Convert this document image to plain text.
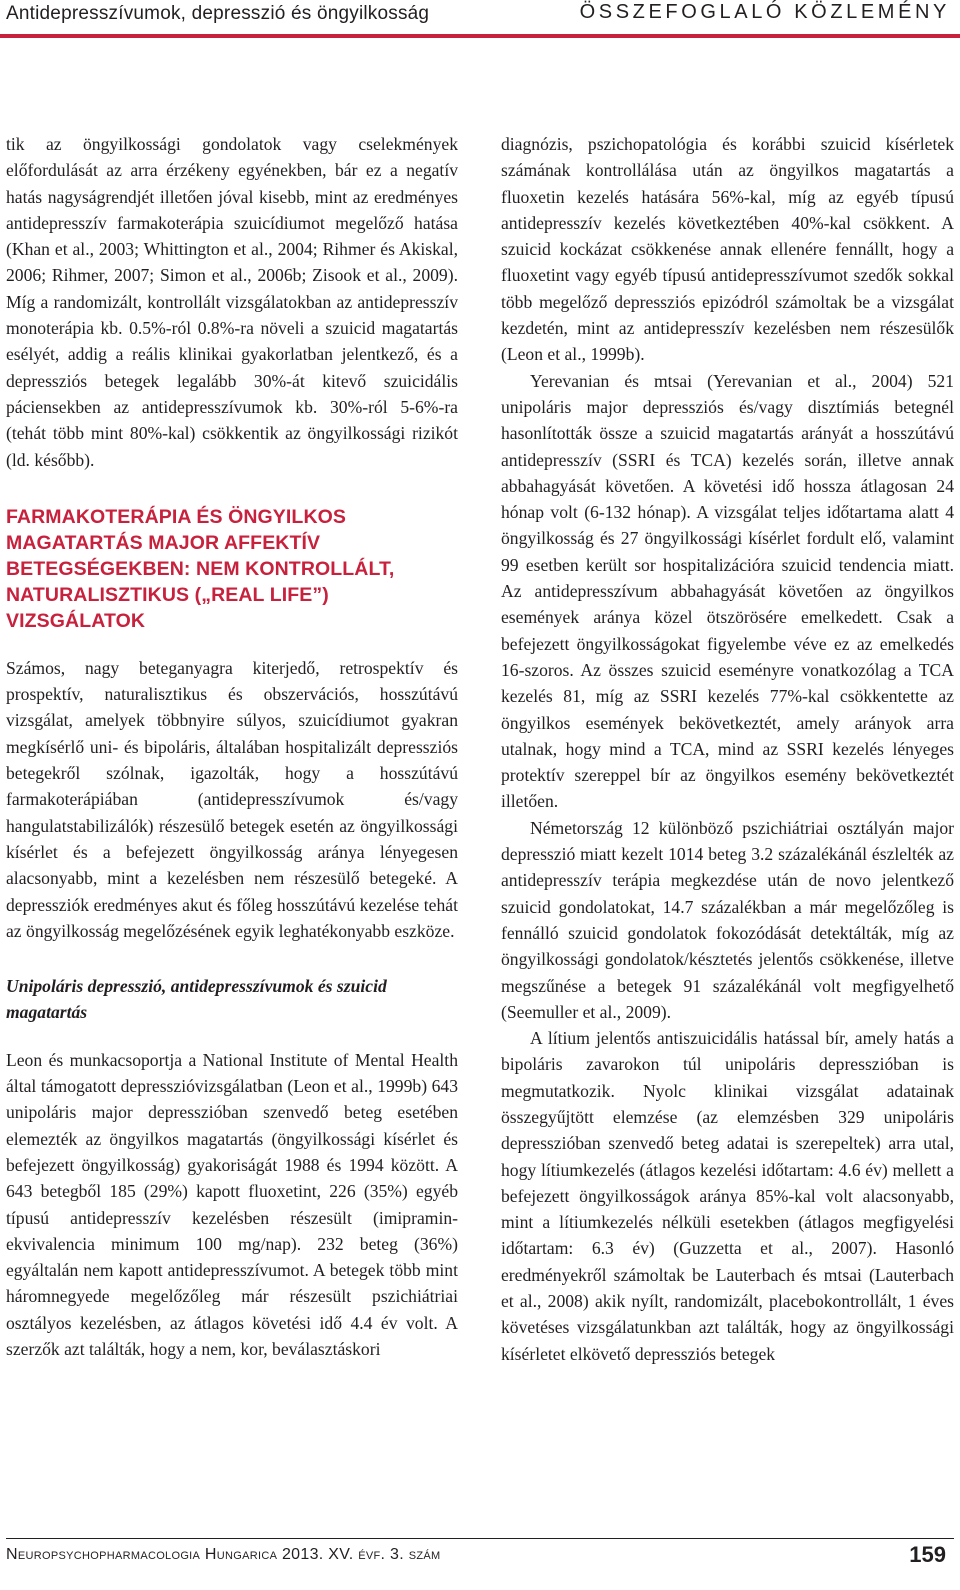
Antidepresszívumok, depresszió és öngyilkosság	ÖSSZEFOGLALÓ KÖZLEMÉNY

tik az öngyilkossági gondolatok vagy cselekmények előfordulását az arra érzékeny egyénekben, bár ez a negatív hatás nagyságrendjét illetően jóval kisebb, mint az eredményes antidepresszív farmakoterápia szuicídiumot megelőző hatása (Khan et al., 2003; Whittington et al., 2004; Rihmer és Akiskal, 2006; Rihmer, 2007; Simon et al., 2006b; Zisook et al., 2009). Míg a randomizált, kontrollált vizsgálatokban az antidepresszív monoterápia kb. 0.5%-ról 0.8%-ra növeli a szuicid magatartás esélyét, addig a reális klinikai gyakorlatban jelentkező, és a depressziós betegek legalább 30%-át kitevő szuicidális páciensekben az antidepresszívumok kb. 30%-ról 5-6%-ra (tehát több mint 80%-kal) csökkentik az öngyilkossági rizikót (ld. később).

FARMAKOTERÁPIA ÉS ÖNGYILKOS MAGATARTÁS MAJOR AFFEKTÍV BETEGSÉGEKBEN: NEM KONTROLLÁLT, NATURALISZTIKUS („REAL LIFE”) VIZSGÁLATOK

Számos, nagy beteganyagra kiterjedő, retrospektív és prospektív, naturalisztikus és obszervációs, hosszútávú vizsgálat, amelyek többnyire súlyos, szuicídiumot gyakran megkísérlő uni- és bipoláris, általában hospitalizált depressziós betegekről szólnak, igazolták, hogy a hosszútávú farmakoterápiában (antidepresszívumok és/vagy hangulatstabilizálók) részesülő betegek esetén az öngyilkossági kísérlet és a befejezett öngyilkosság aránya lényegesen alacsonyabb, mint a kezelésben nem részesülő betegeké. A depressziók eredményes akut és főleg hosszútávú kezelése tehát az öngyilkosság megelőzésének egyik leghatékonyabb eszköze.

Unipoláris depresszió, antidepresszívumok és szuicid magatartás

Leon és munkacsoportja a National Institute of Mental Health által támogatott depresszióvizsgálatban (Leon et al., 1999b) 643 unipoláris major depresszióban szenvedő beteg esetében elemezték az öngyilkos magatartás (öngyilkossági kísérlet és befejezett öngyilkosság) gyakoriságát 1988 és 1994 között. A 643 betegből 185 (29%) kapott fluoxetint, 226 (35%) egyéb típusú antidepresszív kezelésben részesült (imipramin-ekvivalencia minimum 100 mg/nap). 232 beteg (36%) egyáltalán nem kapott antidepresszívumot. A betegek több mint háromnegyede megelőzőleg már részesült pszichiátriai osztályos kezelésben, az átlagos követési idő 4.4 év volt. A szerzők azt találták, hogy a nem, kor, beválasztáskori

diagnózis, pszichopatológia és korábbi szuicid kísérletek számának kontrollálása után az öngyilkos magatartás a fluoxetin kezelés hatására 56%-kal, míg az egyéb típusú antidepresszív kezelés következtében 40%-kal csökkent. A szuicid kockázat csökkenése annak ellenére fennállt, hogy a fluoxetint vagy egyéb típusú antidepresszívumot szedők sokkal több megelőző depressziós epizódról számoltak be a vizsgálat kezdetén, mint az antidepresszív kezelésben nem részesülők (Leon et al., 1999b).

Yerevanian és mtsai (Yerevanian et al., 2004) 521 unipoláris major depressziós és/vagy disztímiás betegnél hasonlították össze a szuicid magatartás arányát a hosszútávú antidepresszív (SSRI és TCA) kezelés során, illetve annak abbahagyását követően. A követési idő hossza átlagosan 24 hónap volt (6-132 hónap). A vizsgálat teljes időtartama alatt 4 öngyilkosság és 27 öngyilkossági kísérlet fordult elő, valamint 99 esetben került sor hospitalizációra szuicid tendencia miatt. Az antidepresszívum abbahagyását követően az öngyilkos események aránya közel ötszörösére emelkedett. Csak a befejezett öngyilkosságokat figyelembe véve ez az emelkedés 16-szoros. Az összes szuicid eseményre vonatkozólag a TCA kezelés 81, míg az SSRI kezelés 77%-kal csökkentette az öngyilkos események bekövetkeztét, amely arányok arra utalnak, hogy mind a TCA, mind az SSRI kezelés lényeges protektív szereppel bír az öngyilkos esemény bekövetkeztét illetően.

Németország 12 különböző pszichiátriai osztályán major depresszió miatt kezelt 1014 beteg 3.2 százalékánál észlelték az antidepresszív terápia megkezdése után de novo jelentkező szuicid gondolatokat, 14.7 százalékban a már megelőzőleg is fennálló szuicid gondolatok fokozódását detektálták, míg az öngyilkossági gondolatok/késztetés jelentős csökkenése, illetve megszűnése a betegek 91 százalékánál volt megfigyelhető (Seemuller et al., 2009).

A lítium jelentős antiszuicidális hatással bír, amely hatás a bipoláris zavarokon túl unipoláris depresszióban is megmutatkozik. Nyolc klinikai vizsgálat adatainak összegyűjtött elemzése (az elemzésben 329 unipoláris depresszióban szenvedő beteg adatai is szerepeltek) arra utal, hogy lítiumkezelés (átlagos kezelési időtartam: 4.6 év) mellett a befejezett öngyilkosságok aránya 85%-kal volt alacsonyabb, mint a lítiumkezelés nélküli esetekben (átlagos megfigyelési időtartam: 6.3 év) (Guzzetta et al., 2007). Hasonló eredményekről számoltak be Lauterbach és mtsai (Lauterbach et al., 2008) akik nyílt, randomizált, placebokontrollált, 1 éves követéses vizsgálatunkban azt találták, hogy az öngyilkossági kísérletet elkövető depressziós betegek

Neuropsychopharmacologia Hungarica 2013. XV. évf. 3. szám	159
